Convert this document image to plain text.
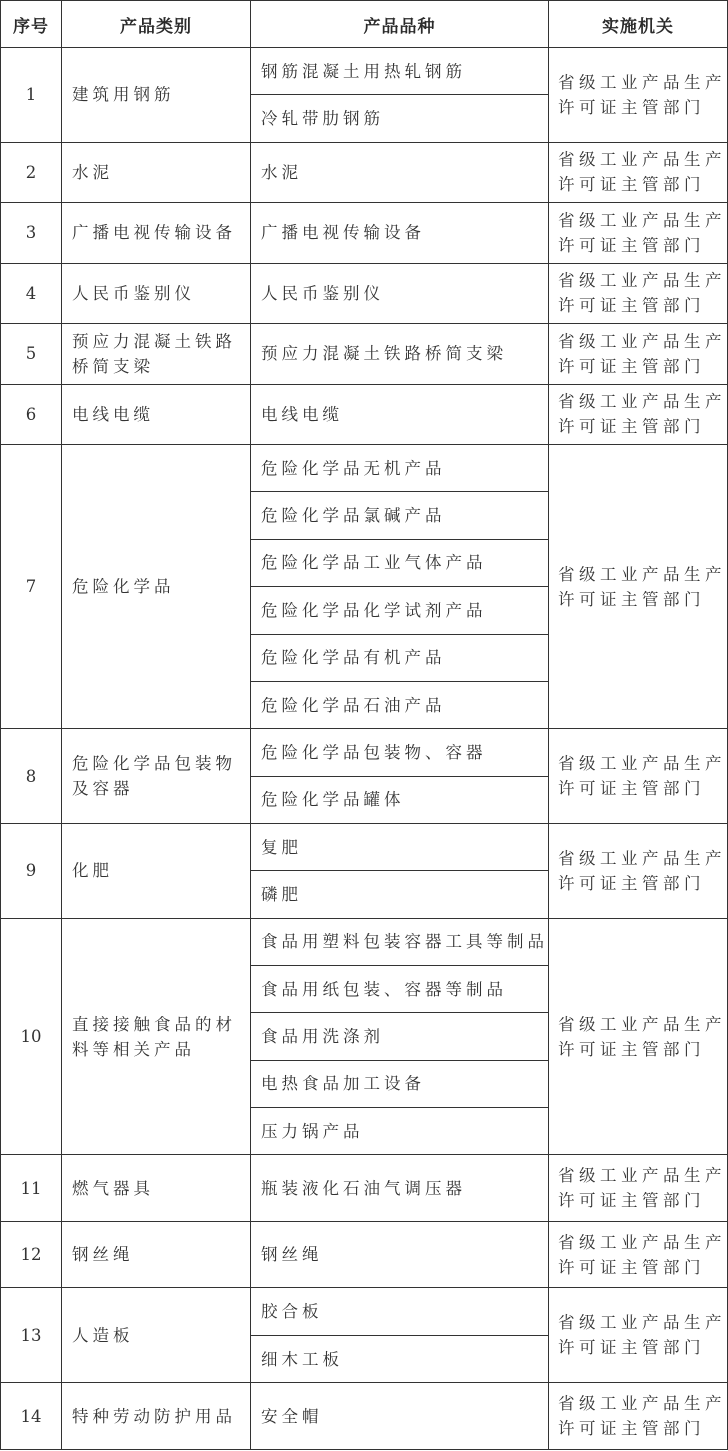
序号	产品类别	产品品种	实施机关
1	建筑用钢筋	钢筋混凝土用热轧钢筋	省级工业产品生产
许可证主管部门

		冷轧带肋钢筋	
2	水泥	水泥	省级工业产品生产
许可证主管部门

3	广播电视传输设备	广播电视传输设备	省级工业产品生产
许可证主管部门

4	人民币鉴别仪	人民币鉴别仪	省级工业产品生产
许可证主管部门

5	预应力混凝土铁路桥简支梁	预应力混凝土铁路桥简支梁	省级工业产品生产
许可证主管部门

6	电线电缆	电线电缆	省级工业产品生产
许可证主管部门

7	危险化学品	危险化学品无机产品	省级工业产品生产
许可证主管部门

		危险化学品氯碱产品	
		危险化学品工业气体产品	
		危险化学品化学试剂产品	
		危险化学品有机产品	
		危险化学品石油产品	
8	危险化学品包装物及容器	危险化学品包装物、容器	省级工业产品生产
许可证主管部门

		危险化学品罐体	
9	化肥	复肥	省级工业产品生产
许可证主管部门

		磷肥	
10	直接接触食品的材料等相关产品	食品用塑料包装容器工具等制品	省级工业产品生产
许可证主管部门

		食品用纸包装、容器等制品	
		食品用洗涤剂	
		电热食品加工设备	
		压力锅产品	
11	燃气器具	瓶装液化石油气调压器	省级工业产品生产
许可证主管部门

12	钢丝绳	钢丝绳	省级工业产品生产
许可证主管部门

13	人造板	胶合板	省级工业产品生产
许可证主管部门

		细木工板	
14	特种劳动防护用品	安全帽	省级工业产品生产
许可证主管部门
